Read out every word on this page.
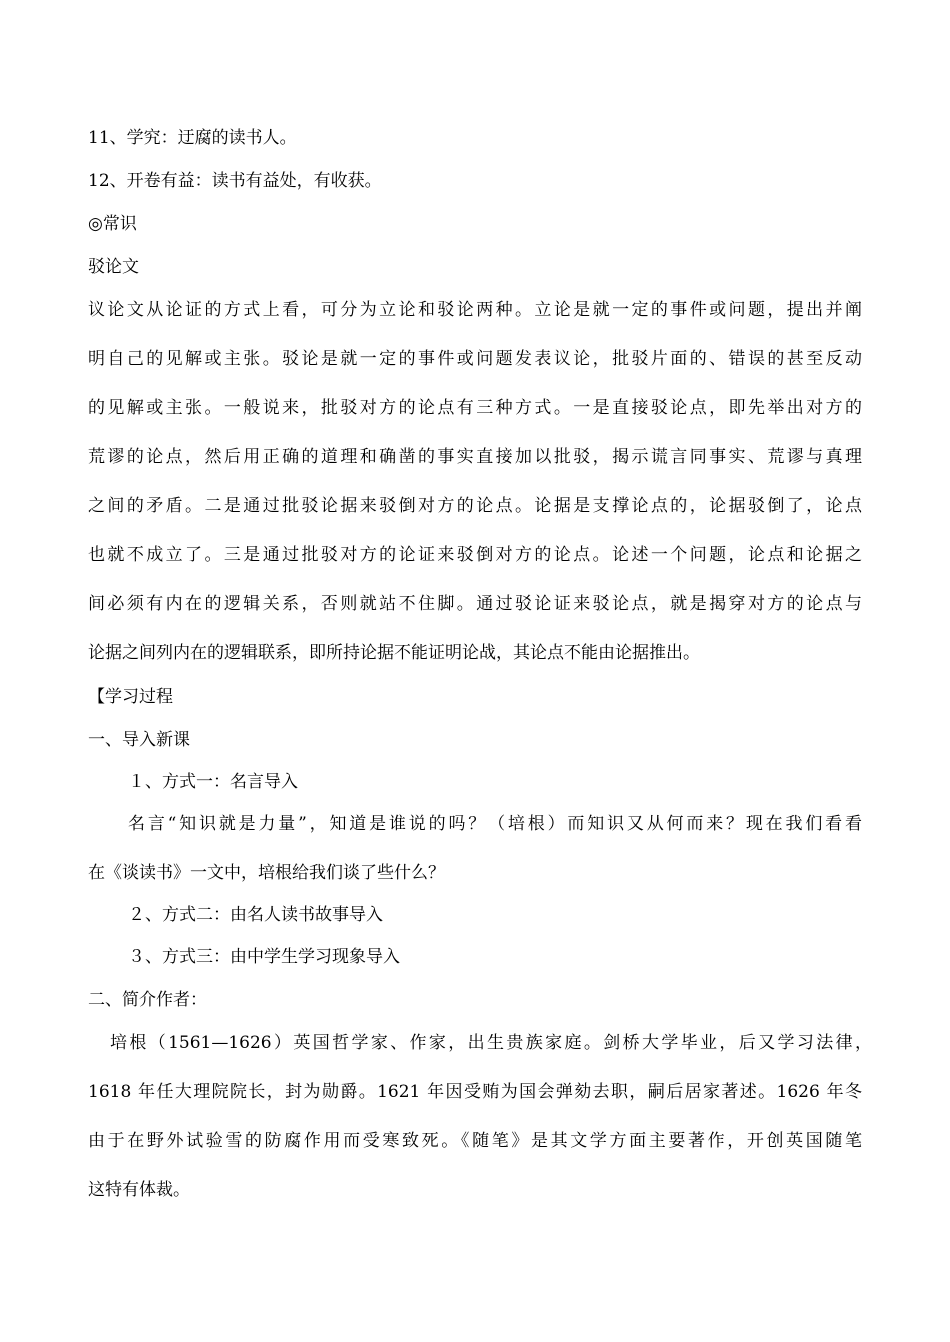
11、学究：迂腐的读书人。
12、开卷有益：读书有益处，有收获。
◎常识
驳论文
议论文从论证的方式上看，可分为立论和驳论两种。立论是就一定的事件或问题，提出并阐
明自己的见解或主张。驳论是就一定的事件或问题发表议论，批驳片面的、错误的甚至反动
的见解或主张。一般说来，批驳对方的论点有三种方式。一是直接驳论点，即先举出对方的
荒谬的论点，然后用正确的道理和确凿的事实直接加以批驳，揭示谎言同事实、荒谬与真理
之间的矛盾。二是通过批驳论据来驳倒对方的论点。论据是支撑论点的，论据驳倒了，论点
也就不成立了。三是通过批驳对方的论证来驳倒对方的论点。论述一个问题，论点和论据之
间必须有内在的逻辑关系，否则就站不住脚。通过驳论证来驳论点，就是揭穿对方的论点与
论据之间列内在的逻辑联系，即所持论据不能证明论战，其论点不能由论据推出。
【学习过程
一、导入新课
１、方式一：名言导入
名言“知识就是力量”，知道是谁说的吗？（培根）而知识又从何而来？现在我们看看
在《谈读书》一文中，培根给我们谈了些什么？
２、方式二：由名人读书故事导入
３、方式三：由中学生学习现象导入
二、简介作者：
培根（1561—1626）英国哲学家、作家，出生贵族家庭。剑桥大学毕业，后又学习法律，
1618 年任大理院院长，封为勋爵。1621 年因受贿为国会弹劾去职，嗣后居家著述。1626 年冬
由于在野外试验雪的防腐作用而受寒致死。《随笔》是其文学方面主要著作，开创英国随笔
这特有体裁。
